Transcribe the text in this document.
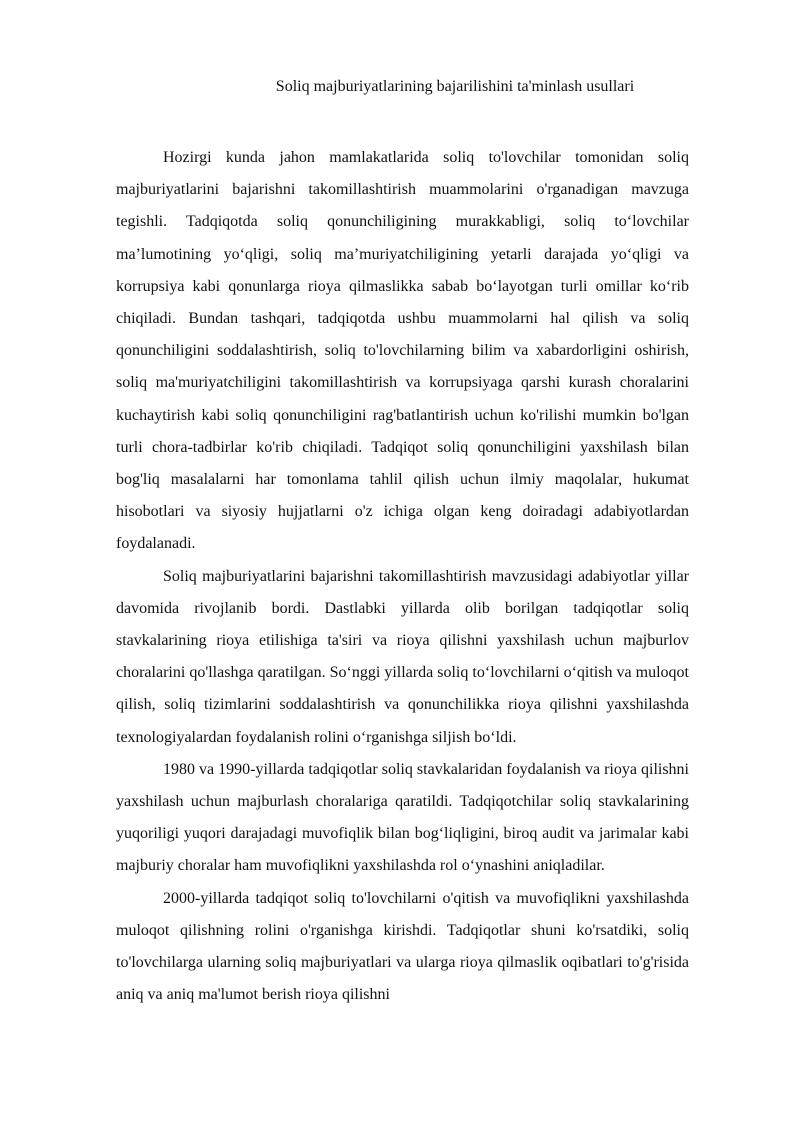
Soliq majburiyatlarining bajarilishini ta'minlash usullari

Hozirgi kunda jahon mamlakatlarida soliq to'lovchilar tomonidan soliq majburiyatlarini bajarishni takomillashtirish muammolarini o'rganadigan mavzuga tegishli. Tadqiqotda soliq qonunchiligining murakkabligi, soliq to‘lovchilar ma’lumotining yo‘qligi, soliq ma’muriyatchiligining yetarli darajada yo‘qligi va korrupsiya kabi qonunlarga rioya qilmaslikka sabab bo‘layotgan turli omillar ko‘rib chiqiladi. Bundan tashqari, tadqiqotda ushbu muammolarni hal qilish va soliq qonunchiligini soddalashtirish, soliq to'lovchilarning bilim va xabardorligini oshirish, soliq ma'muriyatchiligini takomillashtirish va korrupsiyaga qarshi kurash choralarini kuchaytirish kabi soliq qonunchiligini rag'batlantirish uchun ko'rilishi mumkin bo'lgan turli chora-tadbirlar ko'rib chiqiladi. Tadqiqot soliq qonunchiligini yaxshilash bilan bog'liq masalalarni har tomonlama tahlil qilish uchun ilmiy maqolalar, hukumat hisobotlari va siyosiy hujjatlarni o'z ichiga olgan keng doiradagi adabiyotlardan foydalanadi.

Soliq majburiyatlarini bajarishni takomillashtirish mavzusidagi adabiyotlar yillar davomida rivojlanib bordi. Dastlabki yillarda olib borilgan tadqiqotlar soliq stavkalarining rioya etilishiga ta'siri va rioya qilishni yaxshilash uchun majburlov choralarini qo'llashga qaratilgan. So‘nggi yillarda soliq to‘lovchilarni o‘qitish va muloqot qilish, soliq tizimlarini soddalashtirish va qonunchilikka rioya qilishni yaxshilashda texnologiyalardan foydalanish rolini o‘rganishga siljish bo‘ldi.

1980 va 1990-yillarda tadqiqotlar soliq stavkalaridan foydalanish va rioya qilishni yaxshilash uchun majburlash choralariga qaratildi. Tadqiqotchilar soliq stavkalarining yuqoriligi yuqori darajadagi muvofiqlik bilan bog‘liqligini, biroq audit va jarimalar kabi majburiy choralar ham muvofiqlikni yaxshilashda rol o‘ynashini aniqladilar.

2000-yillarda tadqiqot soliq to'lovchilarni o'qitish va muvofiqlikni yaxshilashda muloqot qilishning rolini o'rganishga kirishdi. Tadqiqotlar shuni ko'rsatdiki, soliq to'lovchilarga ularning soliq majburiyatlari va ularga rioya qilmaslik oqibatlari to'g'risida aniq va aniq ma'lumot berish rioya qilishni
